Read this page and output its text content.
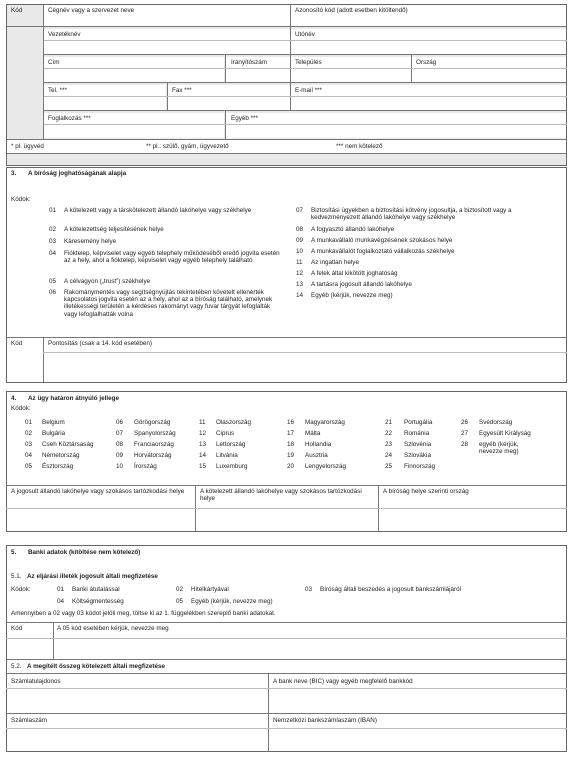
Kód	Cégnév vagy a szervezet neve	Azonosító kód (adott esetben kitöltendő)
Vezetéknév	Utónév
Cím	Irányítószám	Település	Ország
Tel. ***	Fax ***	E-mail ***
Foglalkozás ***	Egyéb ***
* pl. ügyvéd	** pl.: szülő, gyám, ügyvezető	*** nem kötelező
3. A bíróság joghatóságának alapja
Kódok:
01 A kötelezett vagy a társkötelezett állandó lakóhelye vagy székhelye
02 A kötelezettség teljesítésének helye
03 Káresemény helye
04 Fióktelep, képviselet vagy egyéb telephely működéséből eredő jogvita esetén az a hely, ahol a fióktelep, képviselet vagy egyéb telephely található
05 A célvagyon („trust”) székhelye
06 Rakománymentés vagy segítségnyújtás tekintetében követelt ellenérték kapcsolatos jogvita esetén az a hely, ahol az a bíróság található, amelynek illetékességi területén a kérdéses rakományt vagy fuvar tárgyát lefoglalták vagy lefoglalhatták volna
07 Biztosítási ügyekben a biztosítási kötvény jogosultja, a biztosított vagy a kedvezményezett állandó lakóhelye vagy székhelye
08 A fogyasztó állandó lakóhelye
09 A munkavállaló munkavégzésének szokásos helye
10 A munkavállalót foglalkoztató vállalkozás székhelye
11 Az ingatlan helye
12 A felek által kikötött joghatóság
13 A tartásra jogosult állandó lakóhelye
14 Egyéb (kérjük, nevezze meg)
Kód	Pontosítás (csak a 14. kód esetében)
4. Az ügy határon átnyúló jellege
Kódok:
01 Belgium
02 Bulgária
03 Cseh Köztársaság
04 Németország
05 Észtország
06 Görögország
07 Spanyolország
08 Franciaország
09 Horvátország
10 Írország
11 Olaszország
12 Ciprus
13 Lettország
14 Litvánia
15 Luxemburg
16 Magyarország
17 Málta
18 Hollandia
19 Ausztria
20 Lengyelország
21 Portugália
22 Románia
23 Szlovénia
24 Szlovákia
25 Finnország
26 Svédország
27 Egyesült Királyság
28 egyéb (kérjük, nevezze meg)
A jogosult állandó lakóhelye vagy szokásos tartózkodási helye	A kötelezett állandó lakóhelye vagy szokásos tartózkodási helye
A bíróság helye szerinti ország
5. Banki adatok (kitöltése nem kötelező)
5.1. Az eljárási illeték jogosult általi megfizetése
Kódok:	01 Banki átutalással	02 Hitelkártyával	03 Bíróság általi beszedés a jogosult bankszámlájáról
04 Költségmentesség	05 Egyéb (kérjük, nevezze meg)
Amennyiben a 02 vagy 03 kódot jelöli meg, töltse ki az 1. függelékben szereplő banki adatokat.
Kód	A 05 kód esetében kérjük, nevezze meg
5.2. A megítélt összeg kötelezett általi megfizetése
Számlatulajdonos	A bank neve (BIC) vagy egyéb megfelelő bankkód
Számlaszám	Nemzetközi bankszámlaszám (IBAN)
